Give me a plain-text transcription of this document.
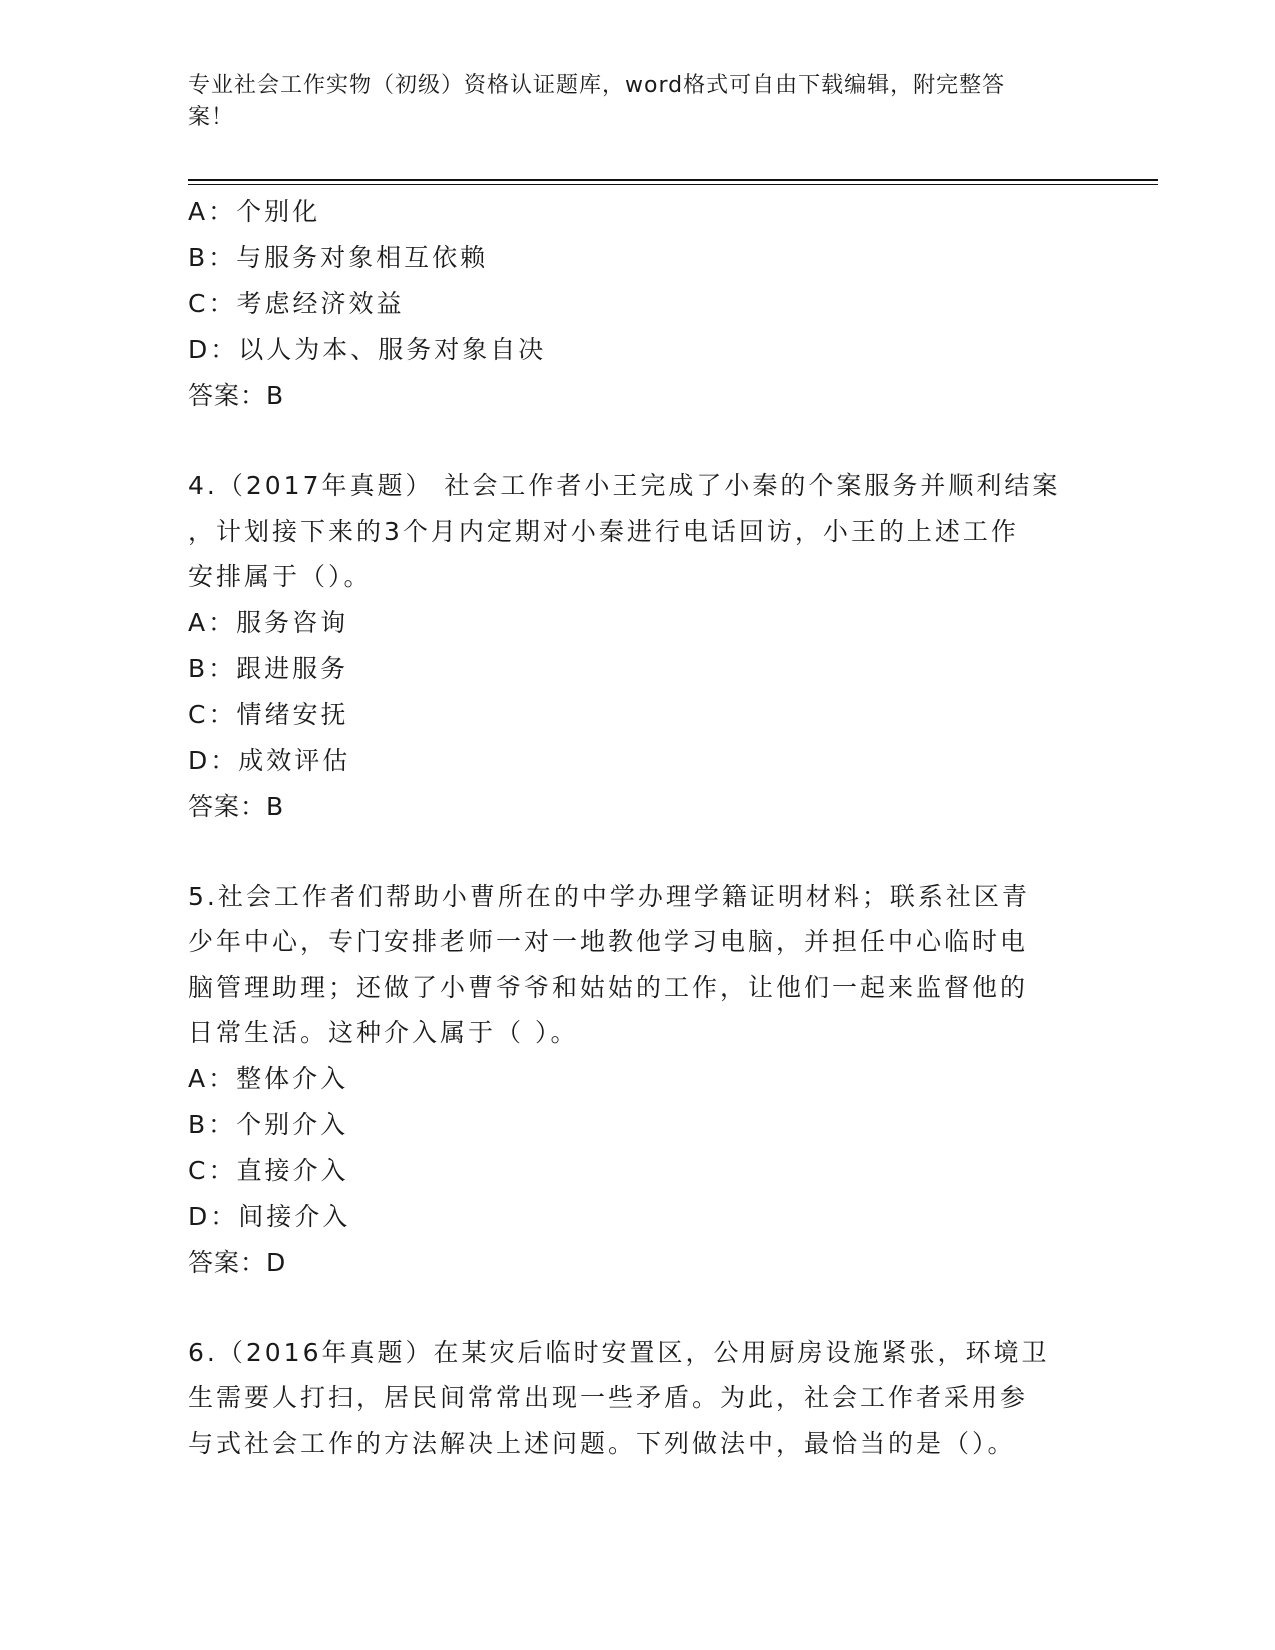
专业社会工作实物（初级）资格认证题库，word格式可自由下载编辑，附完整答
案！
A：个别化
B：与服务对象相互依赖
C：考虑经济效益
D：以人为本、服务对象自决
答案：B

4.（2017年真题） 社会工作者小王完成了小秦的个案服务并顺利结案

，计划接下来的3个月内定期对小秦进行电话回访，小王的上述工作

安排属于（）。

A：服务咨询
B：跟进服务
C：情绪安抚
D：成效评估
答案：B

5.社会工作者们帮助小曹所在的中学办理学籍证明材料；联系社区青

少年中心，专门安排老师一对一地教他学习电脑，并担任中心临时电

脑管理助理；还做了小曹爷爷和姑姑的工作，让他们一起来监督他的

日常生活。这种介入属于（ ）。

A：整体介入
B：个别介入
C：直接介入
D：间接介入
答案：D

6.（2016年真题）在某灾后临时安置区，公用厨房设施紧张，环境卫

生需要人打扫，居民间常常出现一些矛盾。为此，社会工作者采用参

与式社会工作的方法解决上述问题。下列做法中，最恰当的是（）。
